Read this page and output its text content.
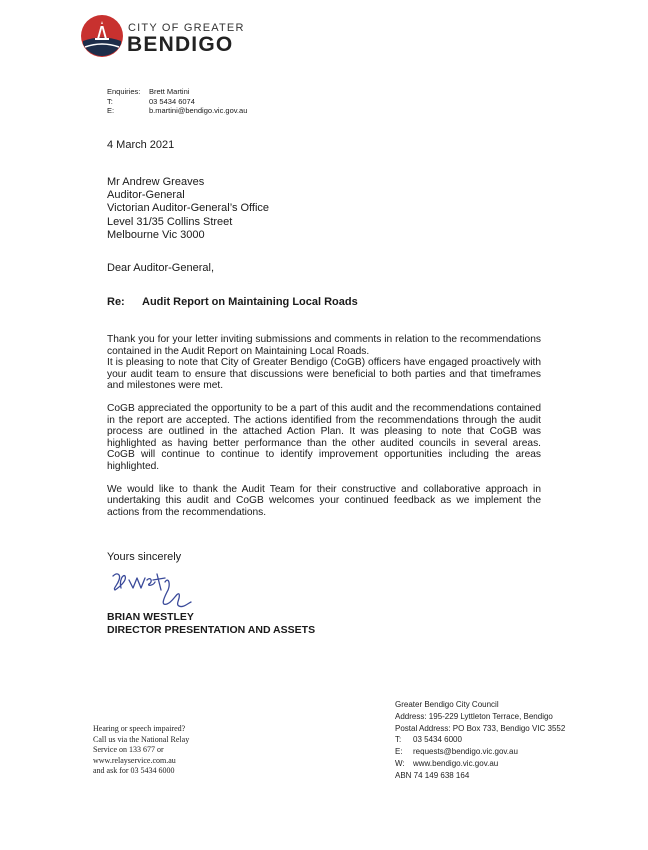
CITY OF GREATER
BENDIGO
Enquiries:	Brett Martini
T:	03 5434 6074
E:	b.martini@bendigo.vic.gov.au
4 March 2021
Mr Andrew Greaves
Auditor-General
Victorian Auditor-General’s Office
Level 31/35 Collins Street
Melbourne Vic 3000
Dear Auditor-General,
Re: Audit Report on Maintaining Local Roads

Thank you for your letter inviting submissions and comments in relation to the recommendations contained in the Audit Report on Maintaining Local Roads.

It is pleasing to note that City of Greater Bendigo (CoGB) officers have engaged proactively with your audit team to ensure that discussions were beneficial to both parties and that timeframes and milestones were met.

CoGB appreciated the opportunity to be a part of this audit and the recommendations contained in the report are accepted. The actions identified from the recommendations through the audit process are outlined in the attached Action Plan. It was pleasing to note that CoGB was highlighted as having better performance than the other audited councils in several areas. CoGB will continue to continue to identify improvement opportunities including the areas highlighted.

We would like to thank the Audit Team for their constructive and collaborative approach in undertaking this audit and CoGB welcomes your continued feedback as we implement the actions from the recommendations.

Yours sincerely
BRIAN WESTLEY
DIRECTOR PRESENTATION AND ASSETS
Hearing or speech impaired?
Call us via the National Relay
Service on 133 677 or
www.relayservice.com.au
and ask for 03 5434 6000
Greater Bendigo City Council
Address: 195-229 Lyttleton Terrace, Bendigo
Postal Address: PO Box 733, Bendigo VIC 3552
T:	03 5434 6000
E:	requests@bendigo.vic.gov.au
W:	www.bendigo.vic.gov.au
ABN 74 149 638 164
